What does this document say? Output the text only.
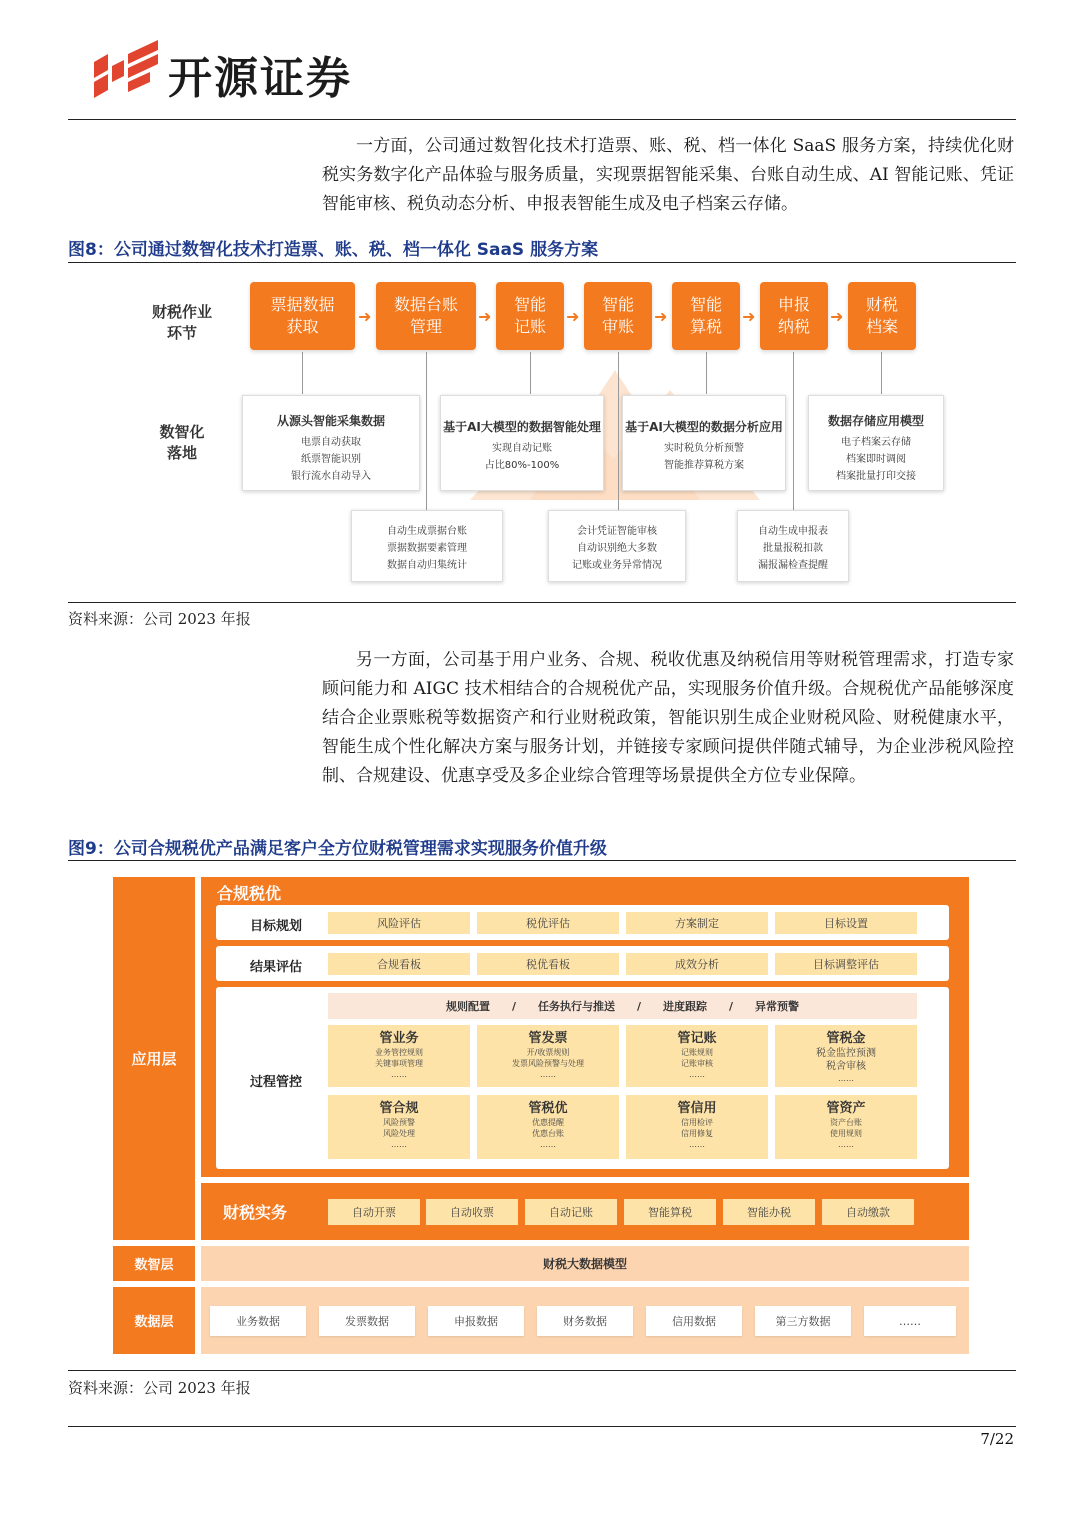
开源证券

一方面，公司通过数智化技术打造票、账、税、档一体化 SaaS 服务方案，持续优化财税实务数字化产品体验与服务质量，实现票据智能采集、台账自动生成、AI 智能记账、凭证智能审核、税负动态分析、申报表智能生成及电子档案云存储。

图8：公司通过数智化技术打造票、账、税、档一体化 SaaS 服务方案
财税作业
环节
数智化
落地
票据数据
获取
➜
数据台账
管理
➜
智能
记账
➜
智能
审账
➜
智能
算税
➜
申报
纳税
➜
财税
档案
从源头智能采集数据
电票自动获取
纸票智能识别
银行流水自动导入
基于AI大模型的数据智能处理
实现自动记账
占比80%-100%
基于AI大模型的数据分析应用
实时税负分析预警
智能推荐算税方案
数据存储应用模型
电子档案云存储
档案即时调阅
档案批量打印交接
自动生成票据台账
票据数据要素管理
数据自动归集统计
会计凭证智能审核
自动识别绝大多数
记账或业务异常情况
自动生成申报表
批量报税扣款
漏报漏检查提醒
资料来源：公司 2023 年报

另一方面，公司基于用户业务、合规、税收优惠及纳税信用等财税管理需求，打造专家顾问能力和 AIGC 技术相结合的合规税优产品，实现服务价值升级。合规税优产品能够深度结合企业票账税等数据资产和行业财税政策，智能识别生成企业财税风险、财税健康水平，智能生成个性化解决方案与服务计划，并链接专家顾问提供伴随式辅导，为企业涉税风险控制、合规建设、优惠享受及多企业综合管理等场景提供全方位专业保障。

图9：公司合规税优产品满足客户全方位财税管理需求实现服务价值升级
应用层
合规税优
目标规划	风险评估	税优评估	方案制定	目标设置
结果评估	合规看板	税优看板	成效分析	目标调整评估
过程管控
规则配置 / 任务执行与推送 / 进度跟踪 / 异常预警
管业务
业务管控规则
关键事项管理
……
管发票
开/收票规则
发票风险预警与处理
……
管记账
记账规则
记账审核
……
管税金
税金监控预测
税舍审核
……
管合规
风险预警
风险处理
……
管税优
优惠提醒
优惠台账
……
管信用
信用检评
信用修复
……
管资产
资产台账
使用规则
……
财税实务	自动开票	自动收票	自动记账	智能算税	智能办税	自动缴款
数智层	财税大数据模型
数据层	业务数据	发票数据	申报数据	财务数据	信用数据	第三方数据	……
资料来源：公司 2023 年报
7/22
